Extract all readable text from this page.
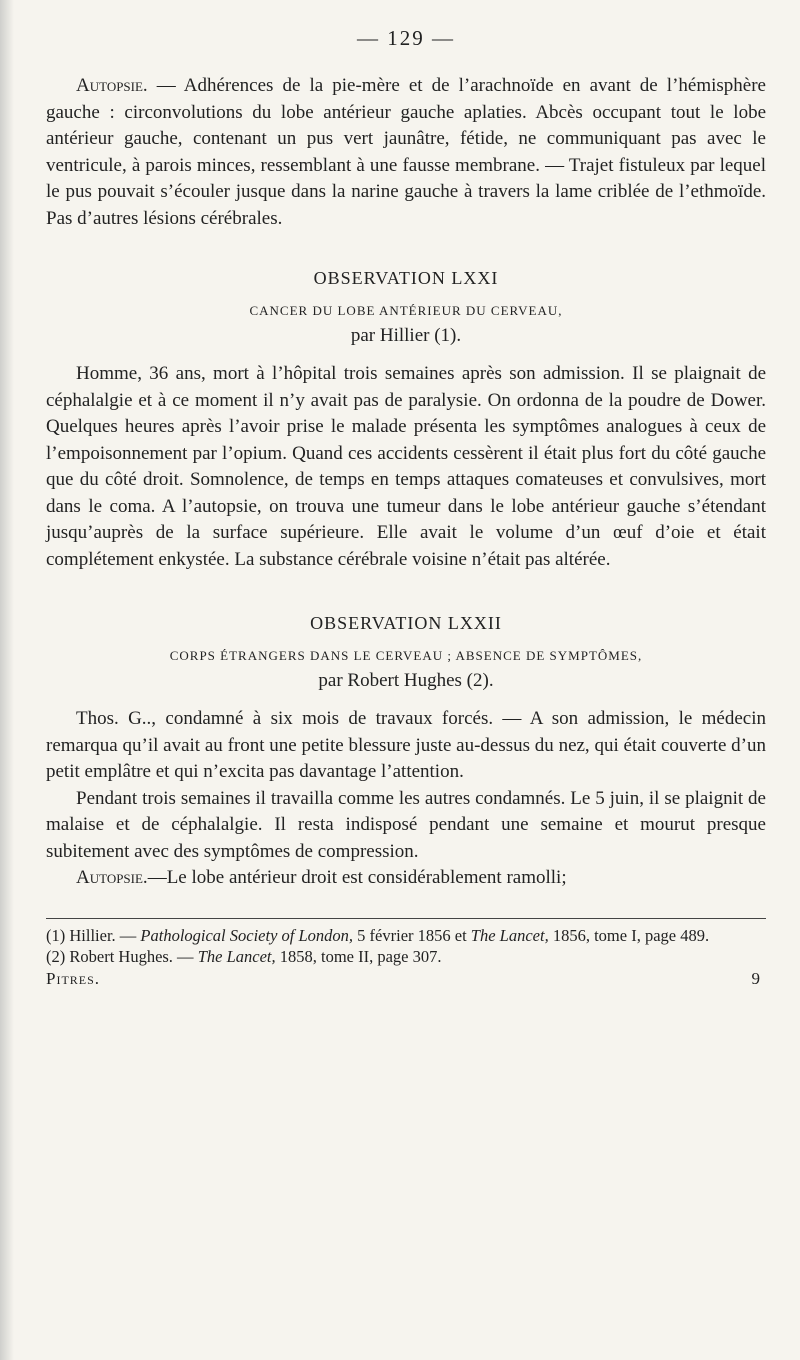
— 129 —

Autopsie. — Adhérences de la pie-mère et de l’arachnoïde en avant de l’hémisphère gauche : circonvolutions du lobe antérieur gauche aplaties. Abcès occupant tout le lobe antérieur gauche, contenant un pus vert jaunâtre, fétide, ne communiquant pas avec le ventricule, à parois minces, ressemblant à une fausse membrane. — Trajet fistuleux par lequel le pus pouvait s’écouler jusque dans la narine gauche à travers la lame criblée de l’ethmoïde. Pas d’autres lésions cérébrales.

OBSERVATION LXXI
CANCER DU LOBE ANTÉRIEUR DU CERVEAU,
par Hillier (1).

Homme, 36 ans, mort à l’hôpital trois semaines après son admission. Il se plaignait de céphalalgie et à ce moment il n’y avait pas de paralysie. On ordonna de la poudre de Dower. Quelques heures après l’avoir prise le malade présenta les symptômes analogues à ceux de l’empoisonnement par l’opium. Quand ces accidents cessèrent il était plus fort du côté gauche que du côté droit. Somnolence, de temps en temps attaques comateuses et convulsives, mort dans le coma. A l’autopsie, on trouva une tumeur dans le lobe antérieur gauche s’étendant jusqu’auprès de la surface supérieure. Elle avait le volume d’un œuf d’oie et était complétement enkystée. La substance cérébrale voisine n’était pas altérée.

OBSERVATION LXXII
CORPS ÉTRANGERS DANS LE CERVEAU ; ABSENCE DE SYMPTÔMES,
par Robert Hughes (2).

Thos. G.., condamné à six mois de travaux forcés. — A son admission, le médecin remarqua qu’il avait au front une petite blessure juste au-dessus du nez, qui était couverte d’un petit emplâtre et qui n’excita pas davantage l’attention.

Pendant trois semaines il travailla comme les autres condamnés. Le 5 juin, il se plaignit de malaise et de céphalalgie. Il resta indisposé pendant une semaine et mourut presque subitement avec des symptômes de compression.

Autopsie.—Le lobe antérieur droit est considérablement ramolli;

(1) Hillier. — Pathological Society of London, 5 février 1856 et The Lancet, 1856, tome I, page 489.

(2) Robert Hughes. — The Lancet, 1858, tome II, page 307.

Pitres.	9
